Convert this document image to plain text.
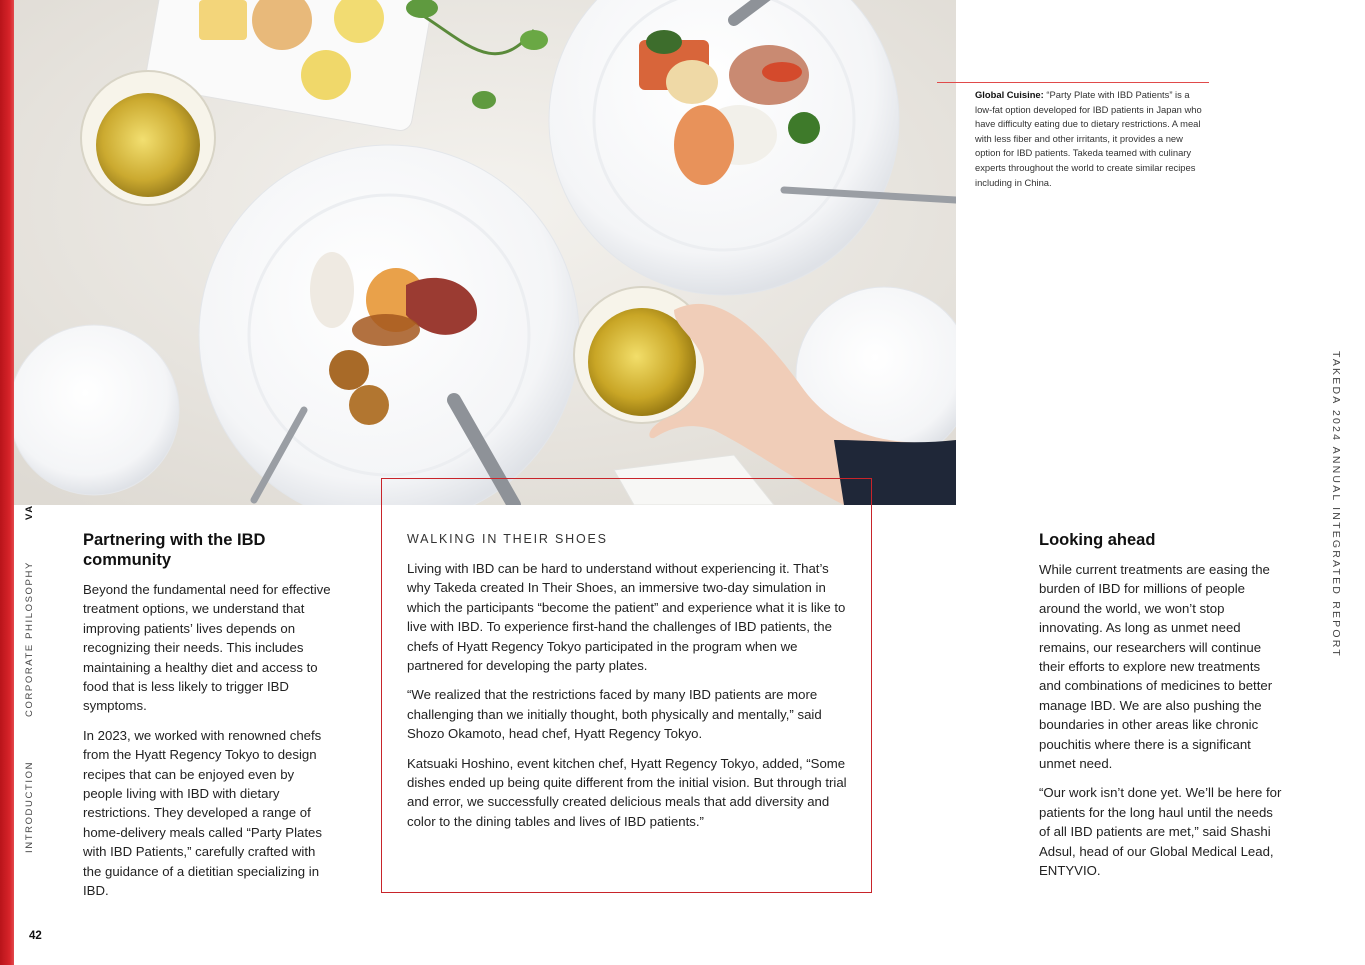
CORPORATE PHILOSOPHY
INTRODUCTION
42
Global Cuisine: “Party Plate with IBD Patients” is a low-fat option developed for IBD patients in Japan who have difficulty eating due to dietary restrictions. A meal with less fiber and other irritants, it provides a new option for IBD patients. Takeda teamed with culinary experts throughout the world to create similar recipes including in China.
TAKEDA 2024 ANNUAL INTEGRATED REPORT
Partnering with the IBD community

Beyond the fundamental need for effective treatment options, we understand that improving patients’ lives depends on recognizing their needs. This includes maintaining a healthy diet and access to food that is less likely to trigger IBD symptoms.

In 2023, we worked with renowned chefs from the Hyatt Regency Tokyo to design recipes that can be enjoyed even by people living with IBD with dietary restrictions. They developed a range of home-delivery meals called “Party Plates with IBD Patients,” carefully crafted with the guidance of a dietitian specializing in IBD.

WALKING IN THEIR SHOES

Living with IBD can be hard to understand without experiencing it. That’s why Takeda created In Their Shoes, an immersive two-day simulation in which the participants “become the patient” and experience what it is like to live with IBD. To experience first-hand the challenges of IBD patients, the chefs of Hyatt Regency Tokyo participated in the program when we partnered for developing the party plates.

“We realized that the restrictions faced by many IBD patients are more challenging than we initially thought, both physically and mentally,” said Shozo Okamoto, head chef, Hyatt Regency Tokyo.

Katsuaki Hoshino, event kitchen chef, Hyatt Regency Tokyo, added, “Some dishes ended up being quite different from the initial vision. But through trial and error, we successfully created delicious meals that add diversity and color to the dining tables and lives of IBD patients.”

Looking ahead

While current treatments are easing the burden of IBD for millions of people around the world, we won’t stop innovating. As long as unmet need remains, our researchers will continue their efforts to explore new treatments and combinations of medicines to better manage IBD. We are also pushing the boundaries in other areas like chronic pouchitis where there is a significant unmet need.

“Our work isn’t done yet. We’ll be here for patients for the long haul until the needs of all IBD patients are met,” said Shashi Adsul, head of our Global Medical Lead, ENTYVIO.
